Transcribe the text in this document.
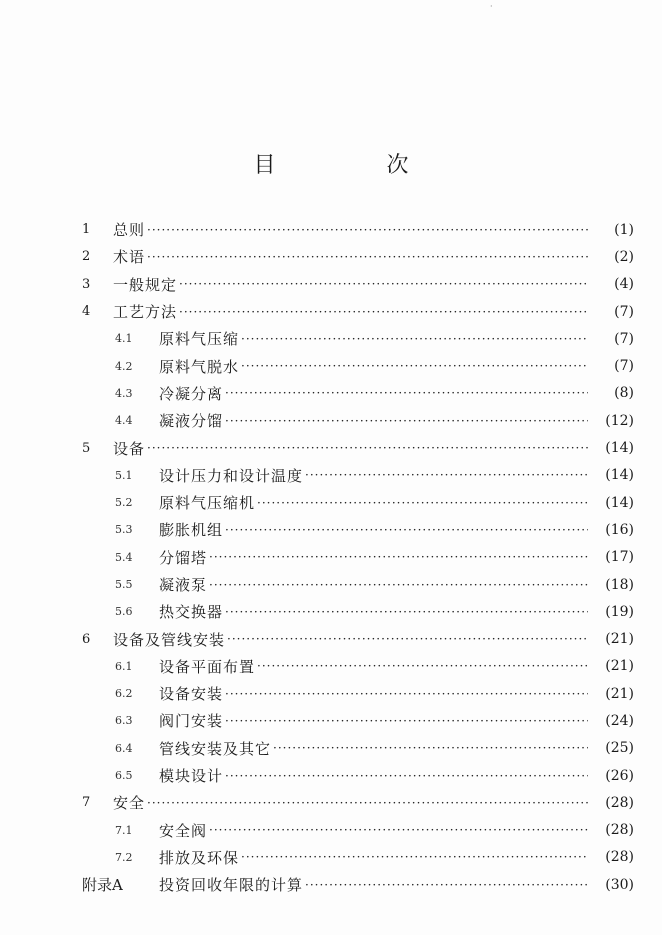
·
目 次
1	总则 ·····	(1)
2	术语 ·····	(2)
3	一般规定 ·····	(4)
4	工艺方法 ·····	(7)
4.1	原料气压缩 ·····	(7)
4.2	原料气脱水 ·····	(7)
4.3	冷凝分离 ·····	(8)
4.4	凝液分馏 ·····	(12)
5	设备 ·····	(14)
5.1	设计压力和设计温度 ·····	(14)
5.2	原料气压缩机 ·····	(14)
5.3	膨胀机组 ·····	(16)
5.4	分馏塔 ·····	(17)
5.5	凝液泵 ·····	(18)
5.6	热交换器 ·····	(19)
6	设备及管线安装 ·····	(21)
6.1	设备平面布置 ·····	(21)
6.2	设备安装 ·····	(21)
6.3	阀门安装 ·····	(24)
6.4	管线安装及其它 ·····	(25)
6.5	模块设计 ·····	(26)
7	安全 ·····	(28)
7.1	安全阀 ·····	(28)
7.2	排放及环保 ·····	(28)
附录A	投资回收年限的计算 ·····	(30)
